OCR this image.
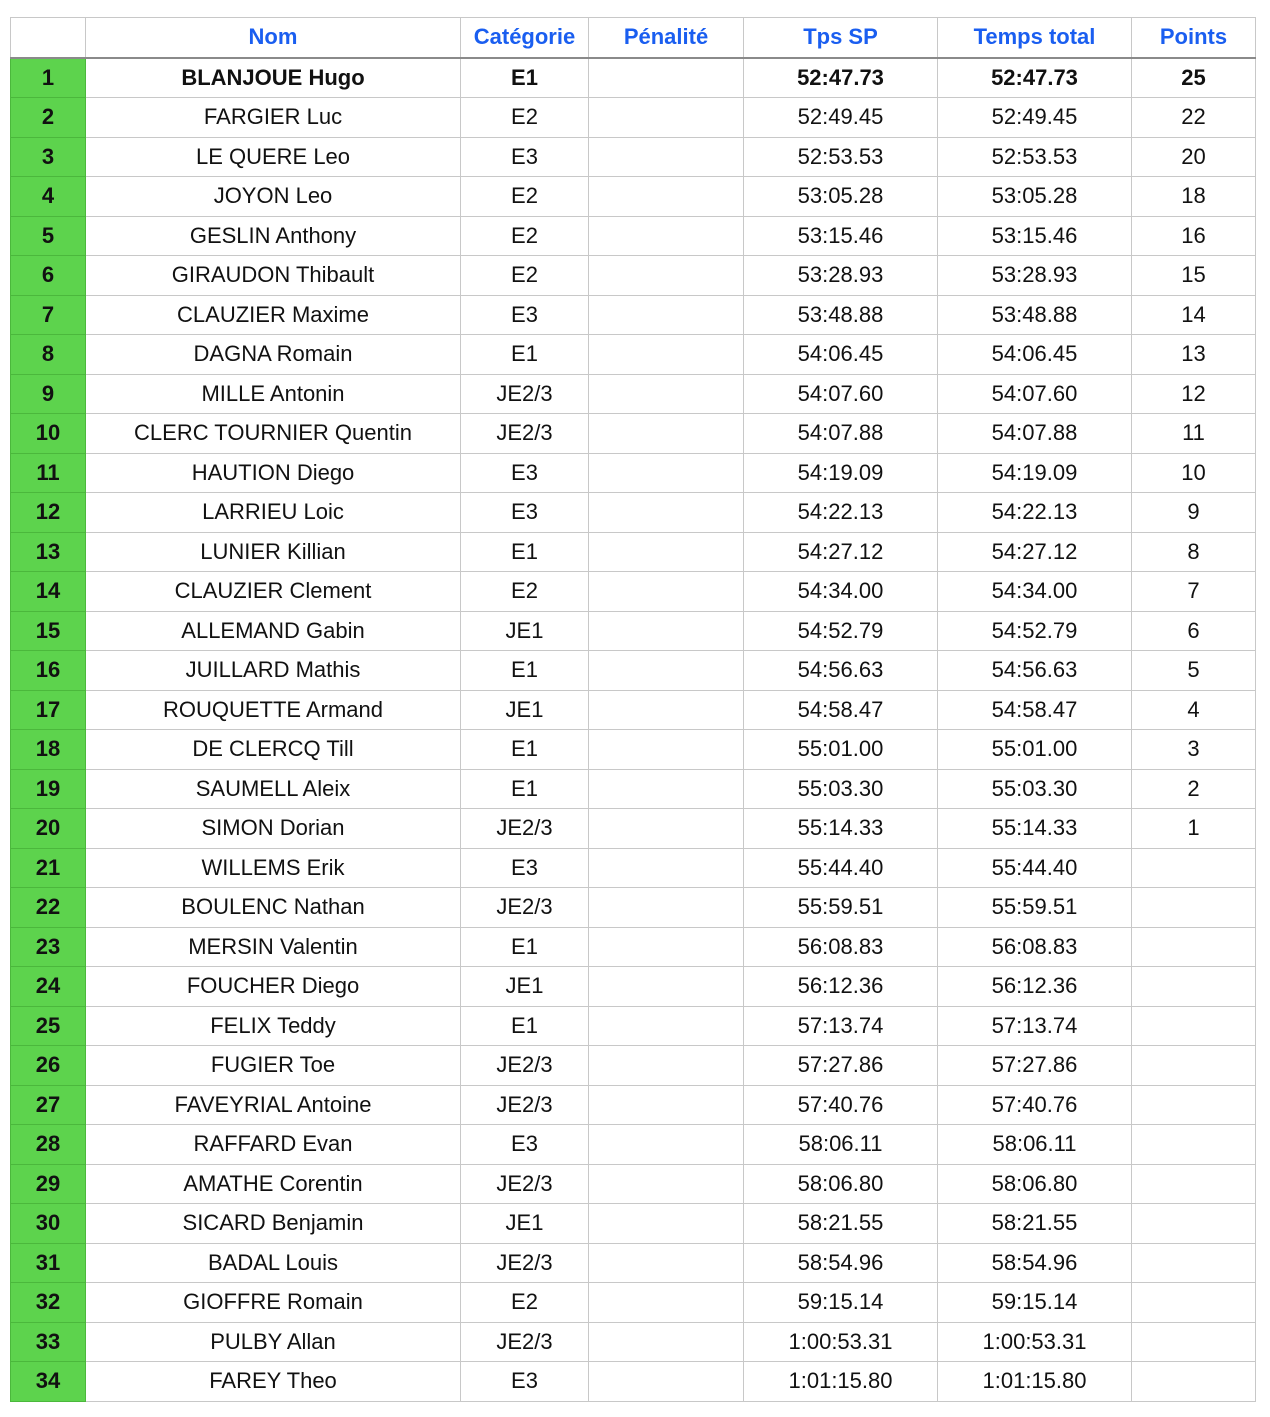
	Nom	Catégorie	Pénalité	Tps SP	Temps total	Points
1	BLANJOUE Hugo	E1		52:47.73	52:47.73	25
2	FARGIER Luc	E2		52:49.45	52:49.45	22
3	LE QUERE Leo	E3		52:53.53	52:53.53	20
4	JOYON Leo	E2		53:05.28	53:05.28	18
5	GESLIN Anthony	E2		53:15.46	53:15.46	16
6	GIRAUDON Thibault	E2		53:28.93	53:28.93	15
7	CLAUZIER Maxime	E3		53:48.88	53:48.88	14
8	DAGNA Romain	E1		54:06.45	54:06.45	13
9	MILLE Antonin	JE2/3		54:07.60	54:07.60	12
10	CLERC TOURNIER Quentin	JE2/3		54:07.88	54:07.88	11
11	HAUTION Diego	E3		54:19.09	54:19.09	10
12	LARRIEU Loic	E3		54:22.13	54:22.13	9
13	LUNIER Killian	E1		54:27.12	54:27.12	8
14	CLAUZIER Clement	E2		54:34.00	54:34.00	7
15	ALLEMAND Gabin	JE1		54:52.79	54:52.79	6
16	JUILLARD Mathis	E1		54:56.63	54:56.63	5
17	ROUQUETTE Armand	JE1		54:58.47	54:58.47	4
18	DE CLERCQ Till	E1		55:01.00	55:01.00	3
19	SAUMELL Aleix	E1		55:03.30	55:03.30	2
20	SIMON Dorian	JE2/3		55:14.33	55:14.33	1
21	WILLEMS Erik	E3		55:44.40	55:44.40	
22	BOULENC Nathan	JE2/3		55:59.51	55:59.51	
23	MERSIN Valentin	E1		56:08.83	56:08.83	
24	FOUCHER Diego	JE1		56:12.36	56:12.36	
25	FELIX Teddy	E1		57:13.74	57:13.74	
26	FUGIER Toe	JE2/3		57:27.86	57:27.86	
27	FAVEYRIAL Antoine	JE2/3		57:40.76	57:40.76	
28	RAFFARD Evan	E3		58:06.11	58:06.11	
29	AMATHE Corentin	JE2/3		58:06.80	58:06.80	
30	SICARD Benjamin	JE1		58:21.55	58:21.55	
31	BADAL Louis	JE2/3		58:54.96	58:54.96	
32	GIOFFRE Romain	E2		59:15.14	59:15.14	
33	PULBY Allan	JE2/3		1:00:53.31	1:00:53.31	
34	FAREY Theo	E3		1:01:15.80	1:01:15.80	
